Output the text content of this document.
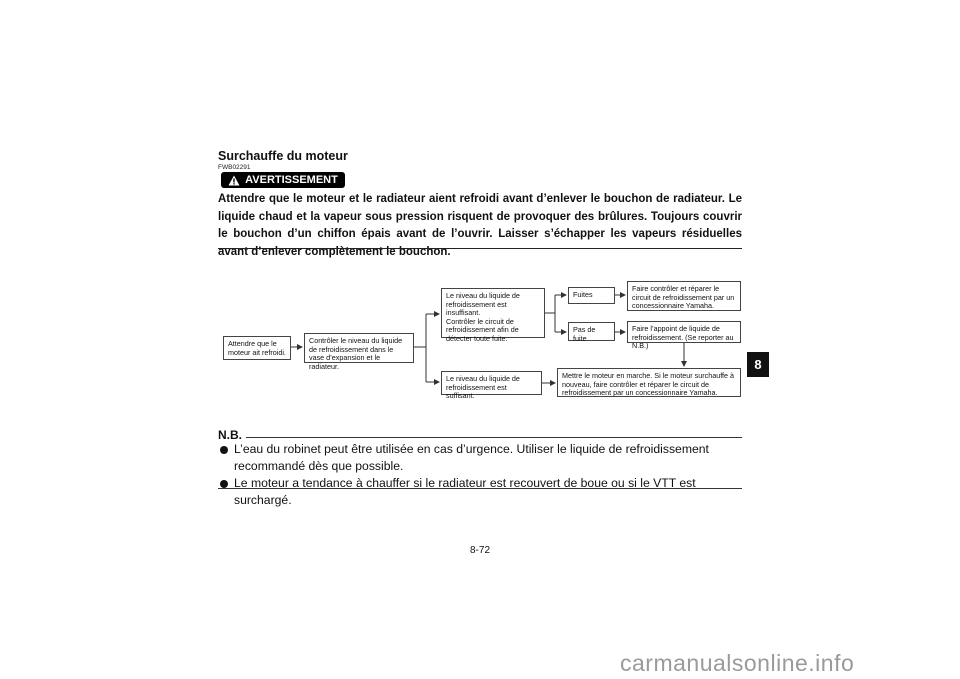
Surchauffe du moteur
FWB02291
AVERTISSEMENT
Attendre que le moteur et le radiateur aient refroidi avant d’enlever le bouchon de radiateur. Le liquide chaud et la vapeur sous pression risquent de provoquer des brûlures. Toujours couvrir le bouchon d’un chiffon épais avant de l’ouvrir. Laisser s’échapper les vapeurs résiduelles avant d’enlever complètement le bouchon.
Attendre que le
moteur ait refroidi.
Contrôler le niveau du liquide
de refroidissement dans le
vase d’expansion et le radiateur.
Le niveau du liquide de
refroidissement est insuffisant.
Contrôler le circuit de
refroidissement afin de
détecter toute fuite.
Le niveau du liquide de
refroidissement est suffisant.
Fuites
Pas de fuite
Faire contrôler et réparer le
circuit de refroidissement par un
concessionnaire Yamaha.
Faire l’appoint de liquide de
refroidissement. (Se reporter au N.B.)
Mettre le moteur en marche. Si le moteur surchauffe à
nouveau, faire contrôler et réparer le circuit de
refroidissement par un concessionnaire Yamaha.
8
N.B.
L’eau du robinet peut être utilisée en cas d’urgence. Utiliser le liquide de refroidissement recommandé dès que possible.
Le moteur a tendance à chauffer si le radiateur est recouvert de boue ou si le VTT est surchargé.
8-72
carmanualsonline.info
